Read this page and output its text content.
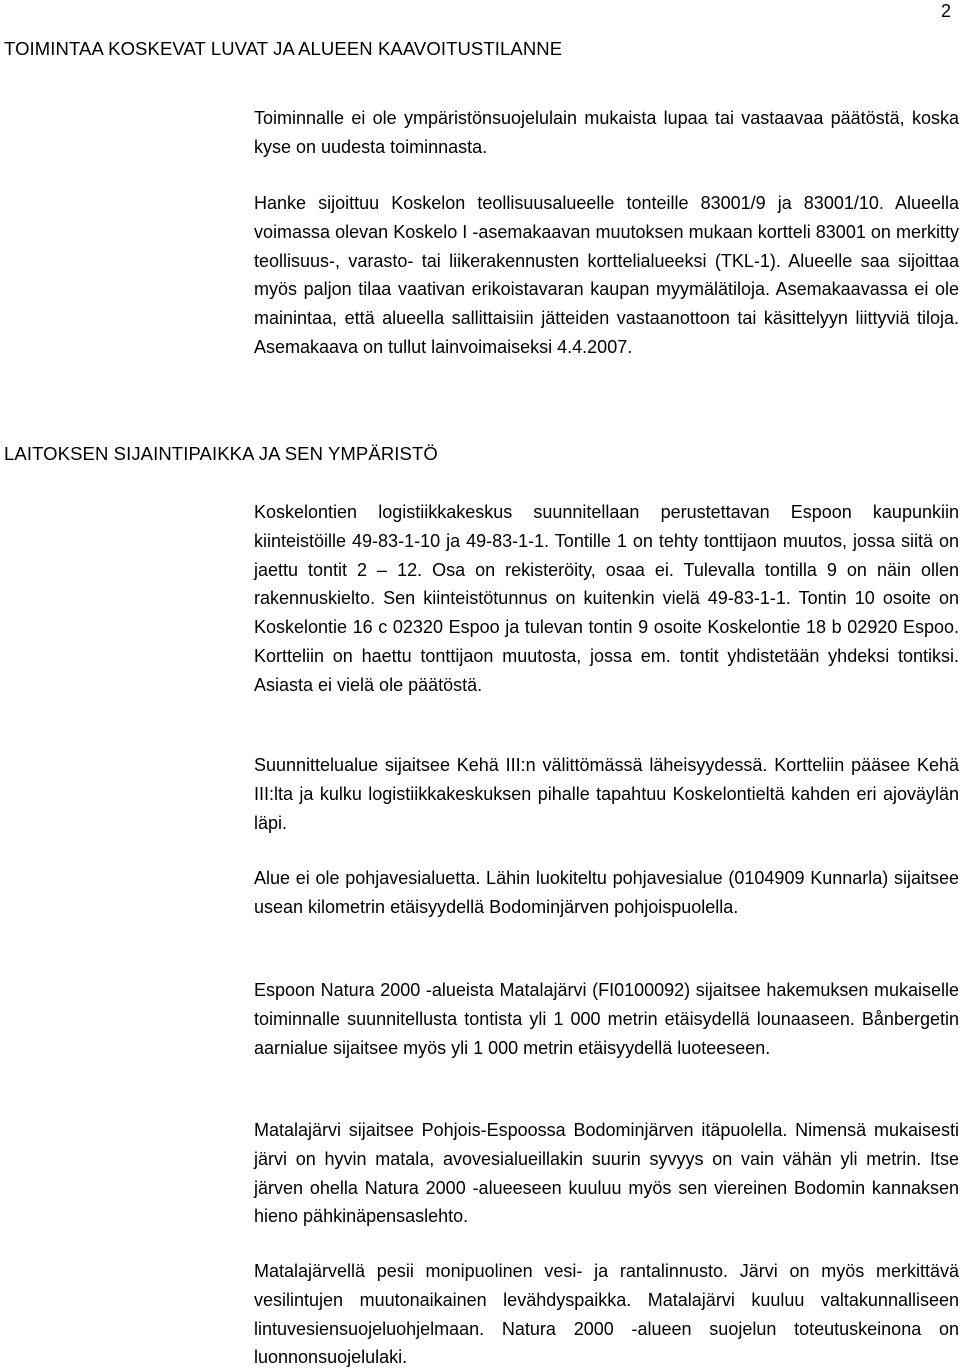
2
TOIMINTAA KOSKEVAT LUVAT JA ALUEEN KAAVOITUSTILANNE

Toiminnalle ei ole ympäristönsuojelulain mukaista lupaa tai vastaavaa päätöstä, koska kyse on uudesta toiminnasta.

Hanke sijoittuu Koskelon teollisuusalueelle tonteille 83001/9 ja 83001/10. Alueella voimassa olevan Koskelo I -asemakaavan muutoksen mukaan kortteli 83001 on merkitty teollisuus-, varasto- tai liikerakennusten korttelialueeksi (TKL-1). Alueelle saa sijoittaa myös paljon tilaa vaativan erikoistavaran kaupan myymälätiloja. Asemakaavassa ei ole mainintaa, että alueella sallittaisiin jätteiden vastaanottoon tai käsittelyyn liittyviä tiloja. Asemakaava on tullut lainvoimaiseksi 4.4.2007.

LAITOKSEN SIJAINTIPAIKKA JA SEN YMPÄRISTÖ

Koskelontien logistiikkakeskus suunnitellaan perustettavan Espoon kaupunkiin kiinteistöille 49-83-1-10 ja 49-83-1-1. Tontille 1 on tehty tonttijaon muutos, jossa siitä on jaettu tontit 2 – 12. Osa on rekisteröity, osaa ei. Tulevalla tontilla 9 on näin ollen rakennuskielto. Sen kiinteistötunnus on kuitenkin vielä 49-83-1-1. Tontin 10 osoite on Koskelontie 16 c 02320 Espoo ja tulevan tontin 9 osoite Koskelontie 18 b 02920 Espoo. Kortteliin on haettu tonttijaon muutosta, jossa em. tontit yhdistetään yhdeksi tontiksi. Asiasta ei vielä ole päätöstä.

Suunnittelualue sijaitsee Kehä III:n välittömässä läheisyydessä. Kortteliin pääsee Kehä III:lta ja kulku logistiikkakeskuksen pihalle tapahtuu Koskelontieltä kahden eri ajoväylän läpi.

Alue ei ole pohjavesialuetta. Lähin luokiteltu pohjavesialue (0104909 Kunnarla) sijaitsee usean kilometrin etäisyydellä Bodominjärven pohjoispuolella.

Espoon Natura 2000 -alueista Matalajärvi (FI0100092) sijaitsee hakemuksen mukaiselle toiminnalle suunnitellusta tontista yli 1 000 metrin etäisydellä lounaaseen. Bånbergetin aarnialue sijaitsee myös yli 1 000 metrin etäisyydellä luoteeseen.

Matalajärvi sijaitsee Pohjois-Espoossa Bodominjärven itäpuolella. Nimensä mukaisesti järvi on hyvin matala, avovesialueillakin suurin syvyys on vain vähän yli metrin. Itse järven ohella Natura 2000 -alueeseen kuuluu myös sen viereinen Bodomin kannaksen hieno pähkinäpensaslehto.

Matalajärvellä pesii monipuolinen vesi- ja rantalinnusto. Järvi on myös merkittävä vesilintujen muutonaikainen levähdyspaikka. Matalajärvi kuuluu valtakunnalliseen lintuvesiensuojeluohjelmaan. Natura 2000 -alueen suojelun toteutuskeinona on luonnonsuojelulaki.
